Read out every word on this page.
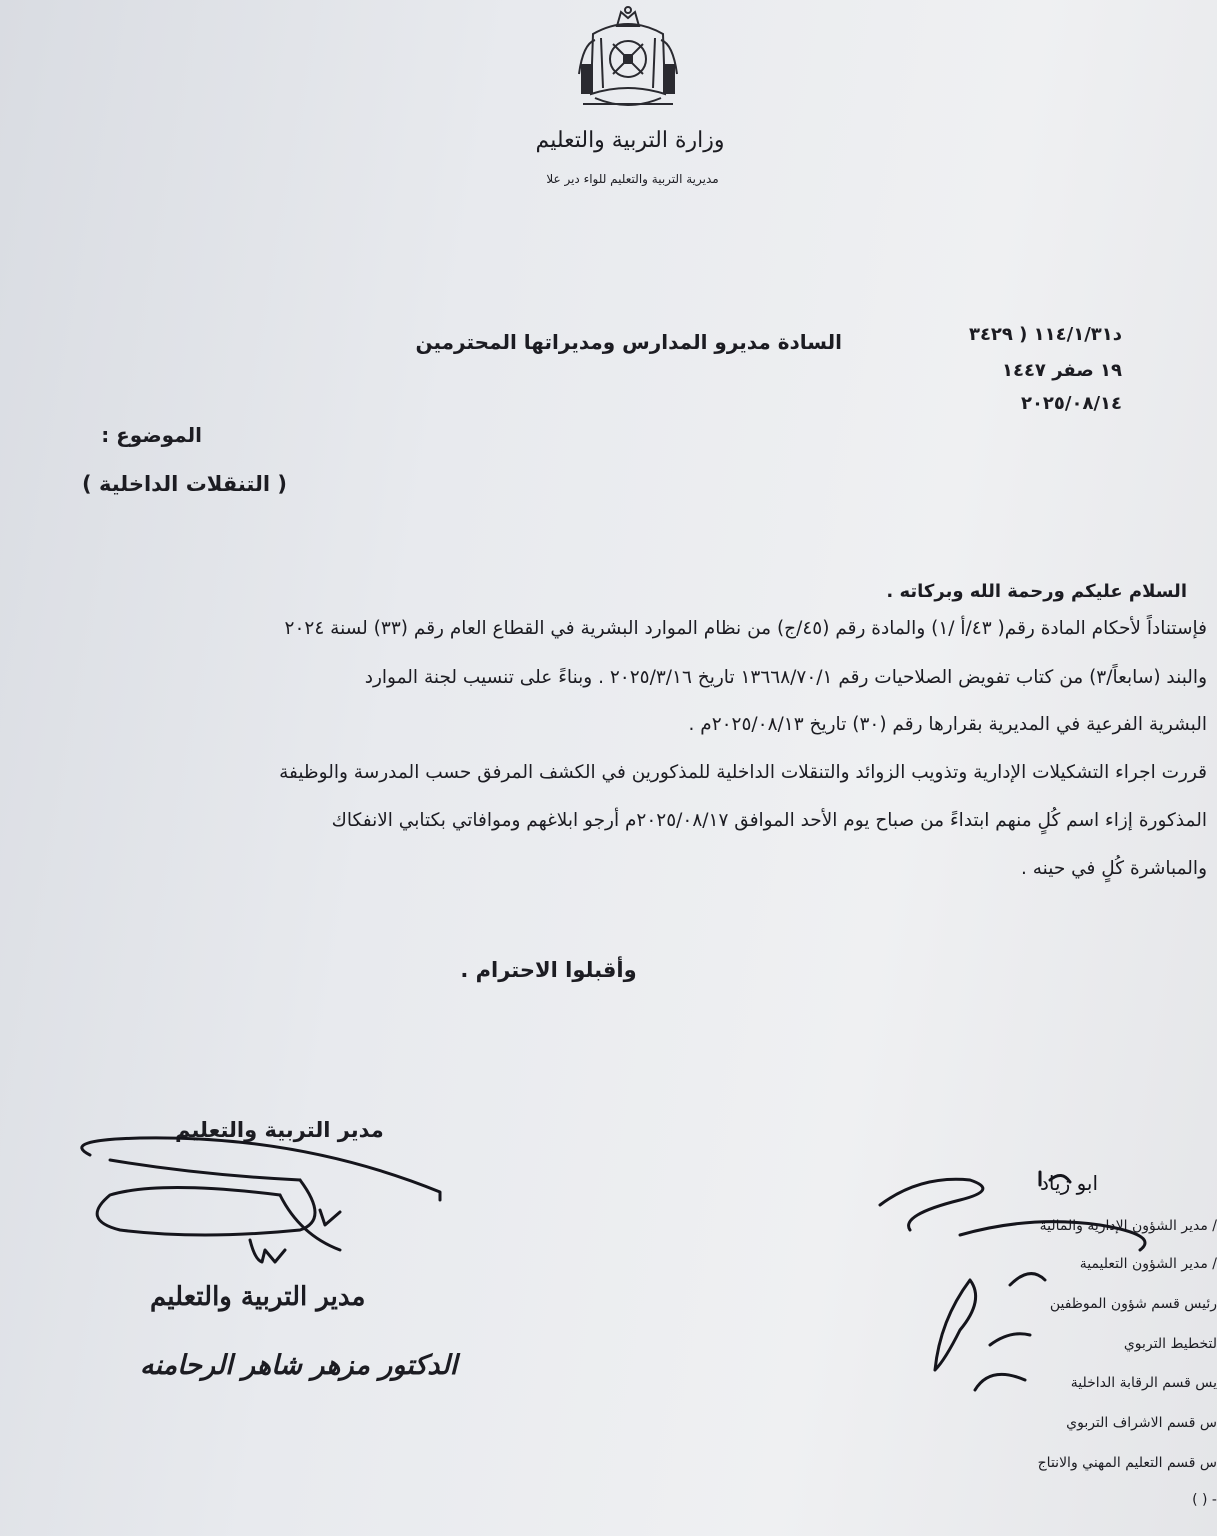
وزارة التربية والتعليم
مديرية التربية والتعليم للواء دير علا
د١١٤/١/٣١ ( ٣٤٢٩
١٩ صفر ١٤٤٧
٢٠٢٥/٠٨/١٤
السادة مديرو المدارس ومديراتها المحترمين
الموضوع :
( التنقلات الداخلية )
السلام عليكم ورحمة الله وبركاته .
فإستناداً لأحكام المادة رقم( ٤٣/أ /١) والمادة رقم (٤٥/ج) من نظام الموارد البشرية في القطاع العام رقم (٣٣) لسنة ٢٠٢٤
والبند (سابعاً/٣) من كتاب تفويض الصلاحيات رقم ١٣٦٦٨/٧٠/١ تاريخ ٢٠٢٥/٣/١٦ . وبناءً على تنسيب لجنة الموارد
البشرية الفرعية في المديرية بقرارها رقم (٣٠) تاريخ ٢٠٢٥/٠٨/١٣م .
قررت اجراء التشكيلات الإدارية وتذويب الزوائد والتنقلات الداخلية للمذكورين في الكشف المرفق حسب المدرسة والوظيفة
المذكورة إزاء اسم كُلٍ منهم ابتداءً من صباح يوم الأحد الموافق ٢٠٢٥/٠٨/١٧م أرجو ابلاغهم وموافاتي بكتابي الانفكاك
والمباشرة كُلٍ في حينه .
وأقبلوا الاحترام .
مدير التربية والتعليم
مدير التربية والتعليم
الدكتور مزهر شاهر الرحامنه
/ مدير الشؤون الإدارية والمالية
/ مدير الشؤون التعليمية
رئيس قسم شؤون الموظفين
لتخطيط التربوي
يس قسم الرقابة الداخلية
س قسم الاشراف التربوي
س قسم التعليم المهني والانتاج
- ( )
ابو زياد
